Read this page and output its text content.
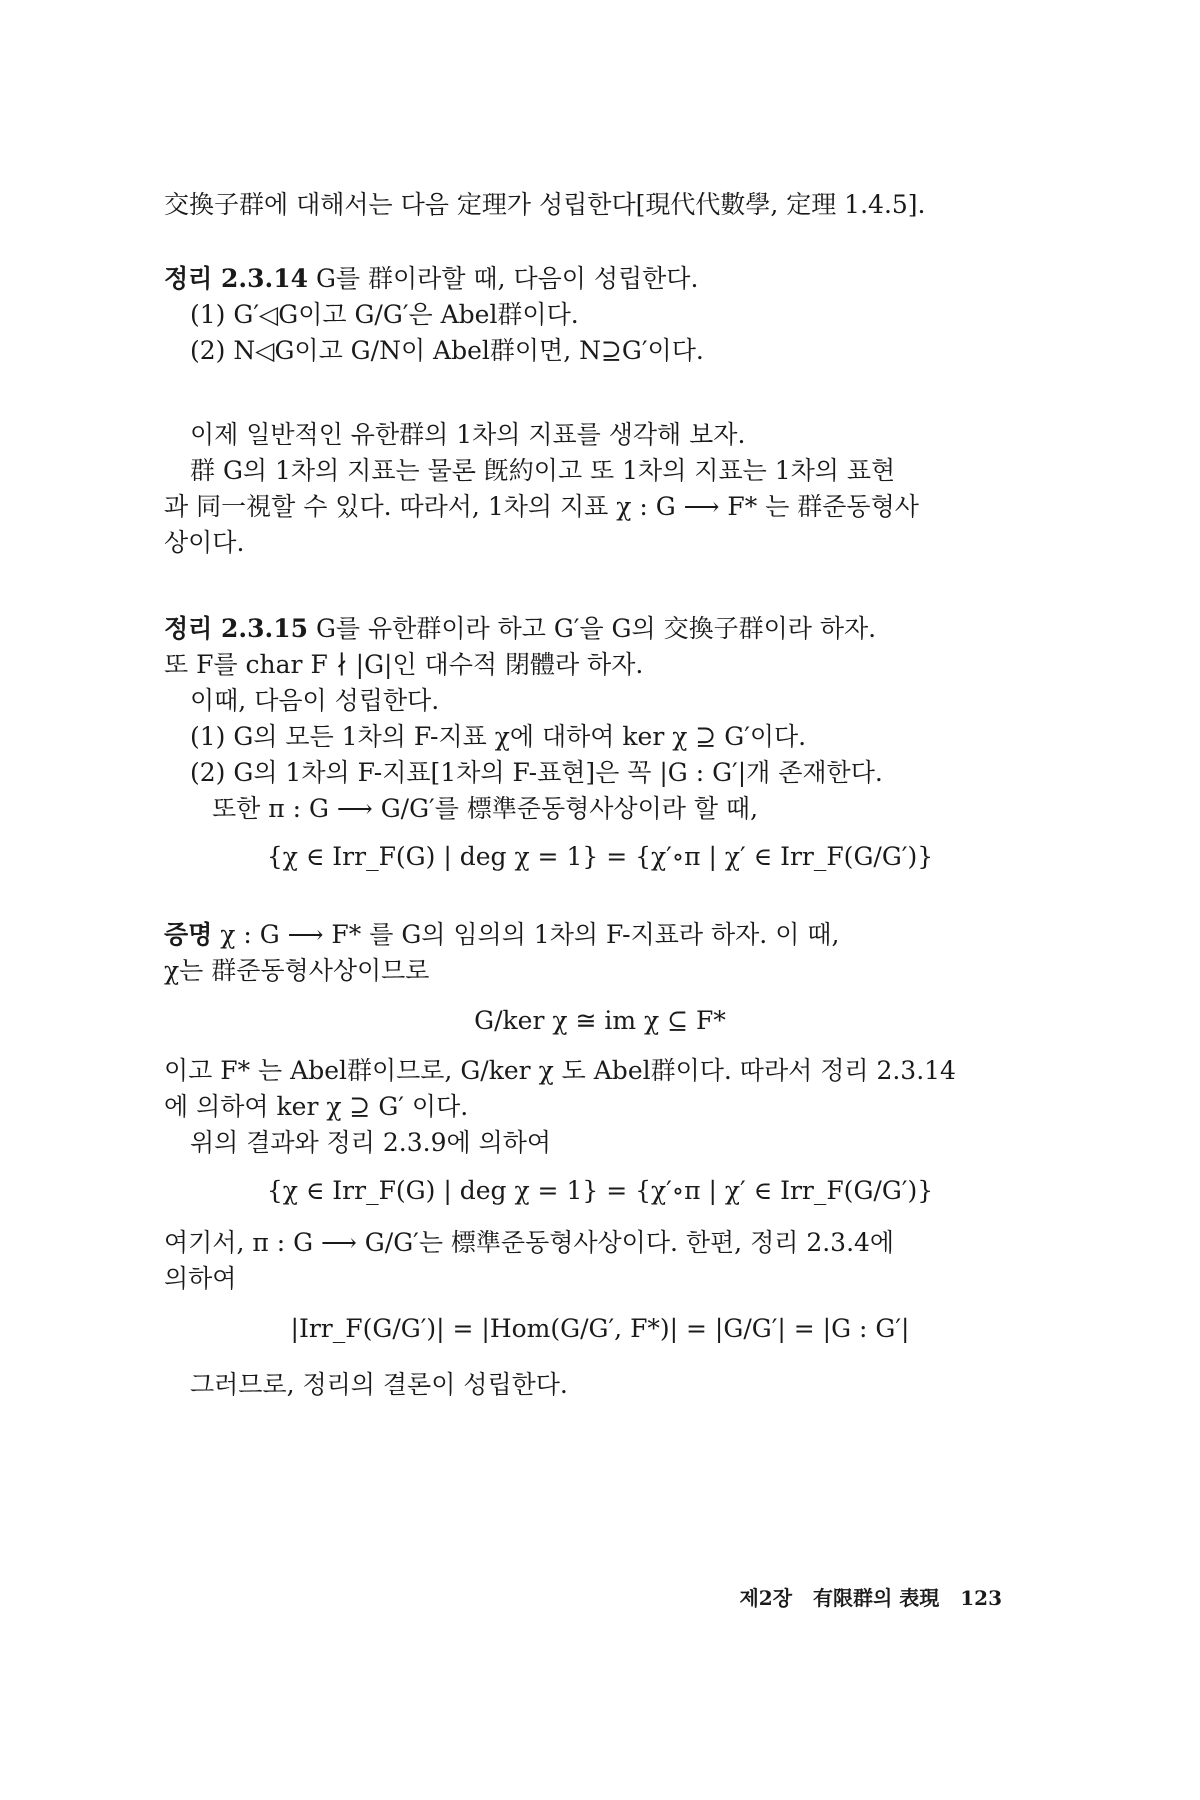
交換子群에 대해서는 다음 定理가 성립한다[現代代數學, 定理 1.4.5].
정리 2.3.14 G를 群이라할 때, 다음이 성립한다.
(1) G′◁G이고 G/G′은 Abel群이다.
(2) N◁G이고 G/N이 Abel群이면, N⊇G′이다.
이제 일반적인 유한群의 1차의 지표를 생각해 보자.
群 G의 1차의 지표는 물론 旣約이고 또 1차의 지표는 1차의 표현
과 同一視할 수 있다. 따라서, 1차의 지표 χ : G ⟶ F* 는 群준동형사
상이다.
정리 2.3.15 G를 유한群이라 하고 G′을 G의 交換子群이라 하자.
또 F를 char F ∤ |G|인 대수적 閉體라 하자.
이때, 다음이 성립한다.
(1) G의 모든 1차의 F-지표 χ에 대하여 ker χ ⊇ G′이다.
(2) G의 1차의 F-지표[1차의 F-표현]은 꼭 |G : G′|개 존재한다.
또한 π : G ⟶ G/G′를 標準준동형사상이라 할 때,
{χ ∈ Irr_F(G) | deg χ = 1} = {χ′∘π | χ′ ∈ Irr_F(G/G′)}
증명 χ : G ⟶ F* 를 G의 임의의 1차의 F-지표라 하자. 이 때,
χ는 群준동형사상이므로
G/ker χ ≅ im χ ⊆ F*
이고 F* 는 Abel群이므로, G/ker χ 도 Abel群이다. 따라서 정리 2.3.14
에 의하여 ker χ ⊇ G′ 이다.
위의 결과와 정리 2.3.9에 의하여
{χ ∈ Irr_F(G) | deg χ = 1} = {χ′∘π | χ′ ∈ Irr_F(G/G′)}
여기서, π : G ⟶ G/G′는 標準준동형사상이다. 한편, 정리 2.3.4에
의하여
|Irr_F(G/G′)| = |Hom(G/G′, F*)| = |G/G′| = |G : G′|
그러므로, 정리의 결론이 성립한다.
제2장 有限群의 表現 123
